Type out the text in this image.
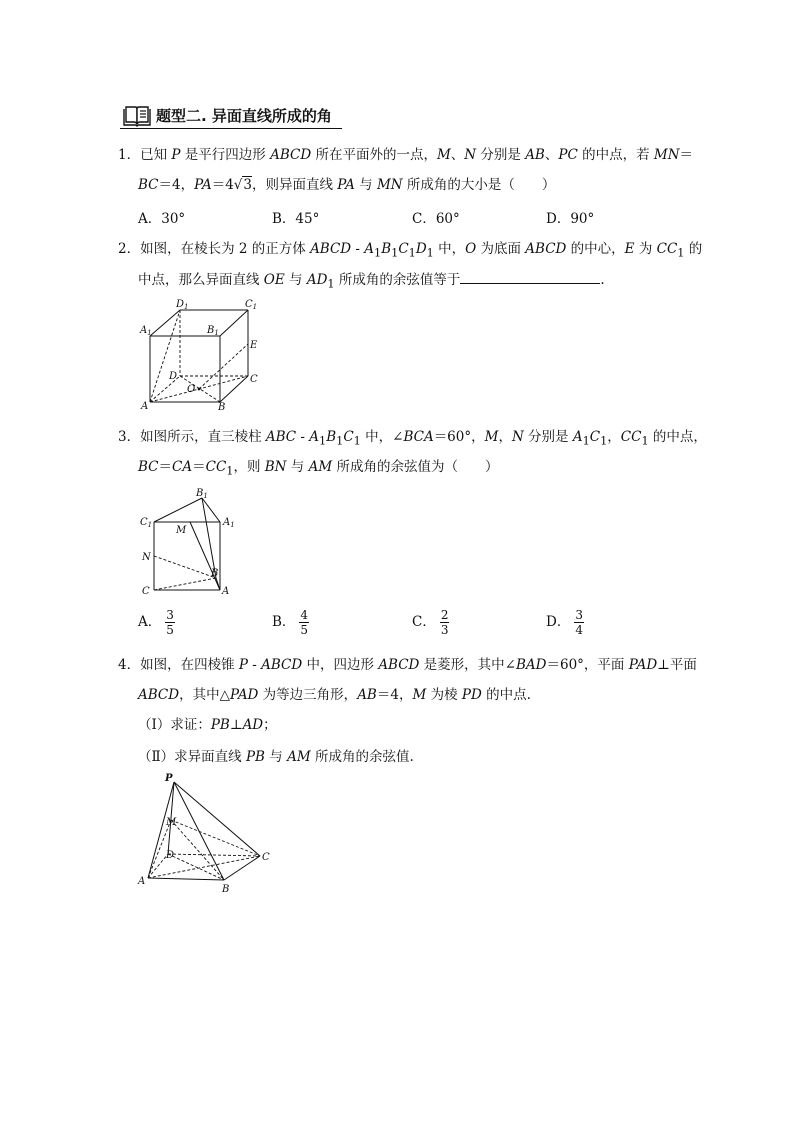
题型二. 异面直线所成的角
1．已知 P 是平行四边形 ABCD 所在平面外的一点，M、N 分别是 AB、PC 的中点，若 MN＝
BC＝4，PA＝4√3，则异面直线 PA 与 MN 所成角的大小是（　　）
A．30°	B．45°	C．60°	D．90°
2．如图，在棱长为 2 的正方体 ABCD - $A_1B_1C_1D_1$ 中，O 为底面 ABCD 的中心，E 为 $CC_1$ 的
中点，那么异面直线 OE 与 $AD_1$ 所成角的余弦值等于	.
$D_1$	$C_1$
$A_1$	$B_1$
E
D	C
O
A	B
3．如图所示，直三棱柱 ABC - $A_1B_1C_1$ 中，∠BCA＝60°，M，N 分别是 $A_1C_1$，$CC_1$ 的中点，
$BC=CA=CC_1$，则 BN 与 AM 所成角的余弦值为（　　）
$B_1$
$C_1$	$A_1$
M
N
B
C	A
A． $\frac{3}{5}$	B． $\frac{4}{5}$	C． $\frac{2}{3}$	D． $\frac{3}{4}$
4．如图，在四棱锥 P - ABCD 中，四边形 ABCD 是菱形，其中∠BAD＝60°，平面 PAD⊥平面
ABCD，其中△PAD 为等边三角形，AB＝4，M 为棱 PD 的中点.
（Ⅰ）求证：PB⊥AD；
（Ⅱ）求异面直线 PB 与 AM 所成角的余弦值.
P
M
D	C
A
B
